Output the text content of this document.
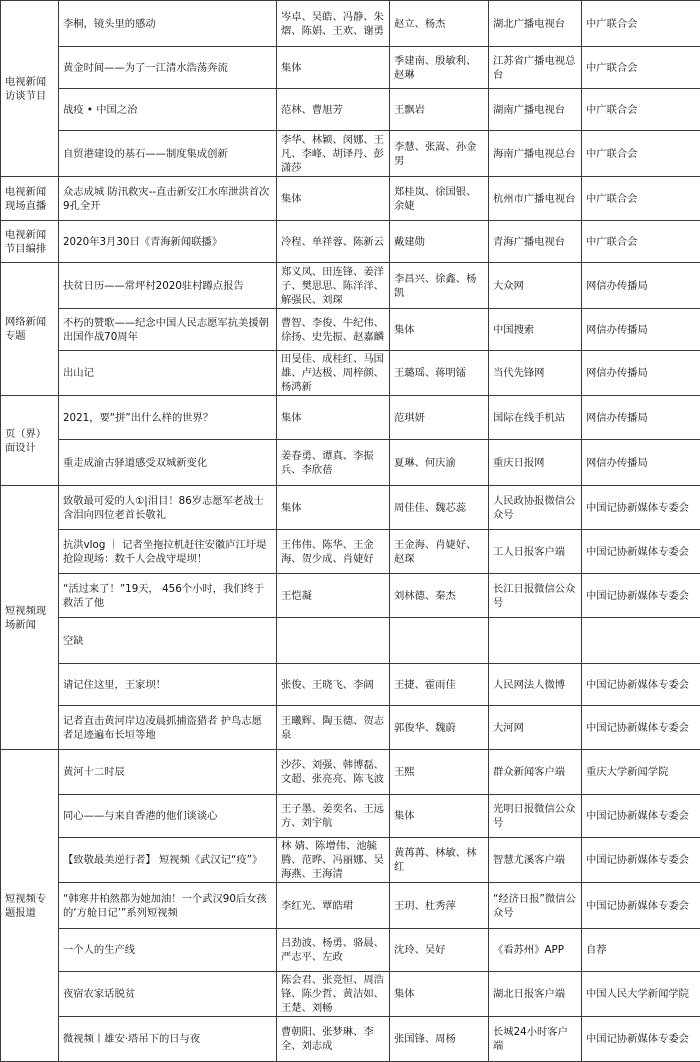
电视新闻访谈节目	李桐，镜头里的感动	岑卓、吴皓、冯静、朱熠、陈娟、王欢、谢勇	赵立、杨杰	湖北广播电视台	中广联合会
	黄金时间——为了一江清水浩荡奔流	集体	季建南、殷敏利、赵琳	江苏省广播电视总台	中广联合会
	战疫 • 中国之治	范林、曹旭芳	王飘岩	湖南广播电视台	中广联合会
	自贸港建设的基石——制度集成创新	李华、林颖、闵娜、王凡、李峰、胡译丹、彭潇莎	李慧、张嵩、孙金男	海南广播电视总台	中广联合会
电视新闻现场直播	众志成城 防汛救灾--直击新安江水库泄洪首次9孔全开	集体	郑桂岚、徐国银、余婕	杭州市广播电视台	中广联合会
电视新闻节目编排	2020年3月30日《青海新闻联播》	冷程、单祥蓉、陈新云	戴建勋	青海广播电视台	中广联合会
网络新闻专题	扶贫日历——常坪村2020驻村蹲点报告	郑义凤、田连锋、姜洋子、樊思思、陈洋洋、解强民、刘琛	李昌兴、徐鑫、杨凯	大众网	网信办传播局
	不朽的赞歌——纪念中国人民志愿军抗美援朝出国作战70周年	曹智、李俊、牛纪伟、徐扬、史先振、赵嘉麟	集体	中国搜索	网信办传播局
	出山记	田旻佳、成桂红、马国雄、卢达极、周梓颜、杨鸿新	王璐瑶、蒋明镭	当代先锋网	网信办传播局
页（界）面设计	2021，要“拼”出什么样的世界？	集体	范琪妍	国际在线手机站	网信办传播局
	重走成渝古驿道感受双城新变化	姜春勇、谭真、李振兵、李欣蓓	夏琳、何庆渝	重庆日报网	网信办传播局
短视频现场新闻	致敬最可爱的人①|泪目！86岁志愿军老战士含泪向四位老首长敬礼	集体	周佳佳、魏芯蕊	人民政协报微信公众号	中国记协新媒体专委会
	抗洪vlog ｜ 记者坐拖拉机赶往安徽庐江圩堤抢险现场：数千人会战守堤坝！	王伟伟、陈华、王金海、贺少成、肖婕好	王金海、肖婕好、赵琛	工人日报客户端	中国记协新媒体专委会
	“活过来了！”19天， 456个小时，我们终于救活了他	王恺凝	刘林德、秦杰	长江日报微信公众号	中国记协新媒体专委会
	空缺				
	请记住这里，王家坝！	张俊、王晓飞、李阔	王捷、霍雨佳	人民网法人微博	中国记协新媒体专委会
	记者直击黄河岸边凌晨抓捕盗猎者 护鸟志愿者足迹遍布长垣等地	王曦辉、陶玉德、贺志泉	郭俊华、魏蔚	大河网	中国记协新媒体专委会
短视频专题报道	黄河十二时辰	沙莎、刘强、韩博磊、文超、张亮亮、陈飞波	王熙	群众新闻客户端	重庆大学新闻学院
	同心——与来自香港的他们谈谈心	王子墨、姜奕名、王远方、刘宇航	集体	光明日报微信公众号	中国记协新媒体专委会
	【致敬最美逆行者】 短视频《武汉记“疫”》	林 婧、陈增伟、池毓腾、范晔、冯丽娜、吴海燕、王海清	黄苒苒、林敏、林红	智慧尤溪客户端	中国记协新媒体专委会
	“韩寒井柏然都为她加油！一个武汉90后女孩的‘方舱日记’”系列短视频	李红光、覃皓珺	王玥、杜秀萍	“经济日报”微信公众号	中国记协新媒体专委会
	一个人的生产线	吕劲波、杨勇、骆晨、严志平、左政	沈玲、吴好	《看苏州》APP	自荐
	夜宿农家话脱贫	陈会君、张竞恒、周浩锋、陈少哲、黄洁如、王楚、刘畅	集体	湖北日报客户端	中国人民大学新闻学院
	微视频丨雄安·塔吊下的日与夜	曹朝阳、张梦琳、李全、刘志成	张国锋、周杨	长城24小时客户端	中国记协新媒体专委会
